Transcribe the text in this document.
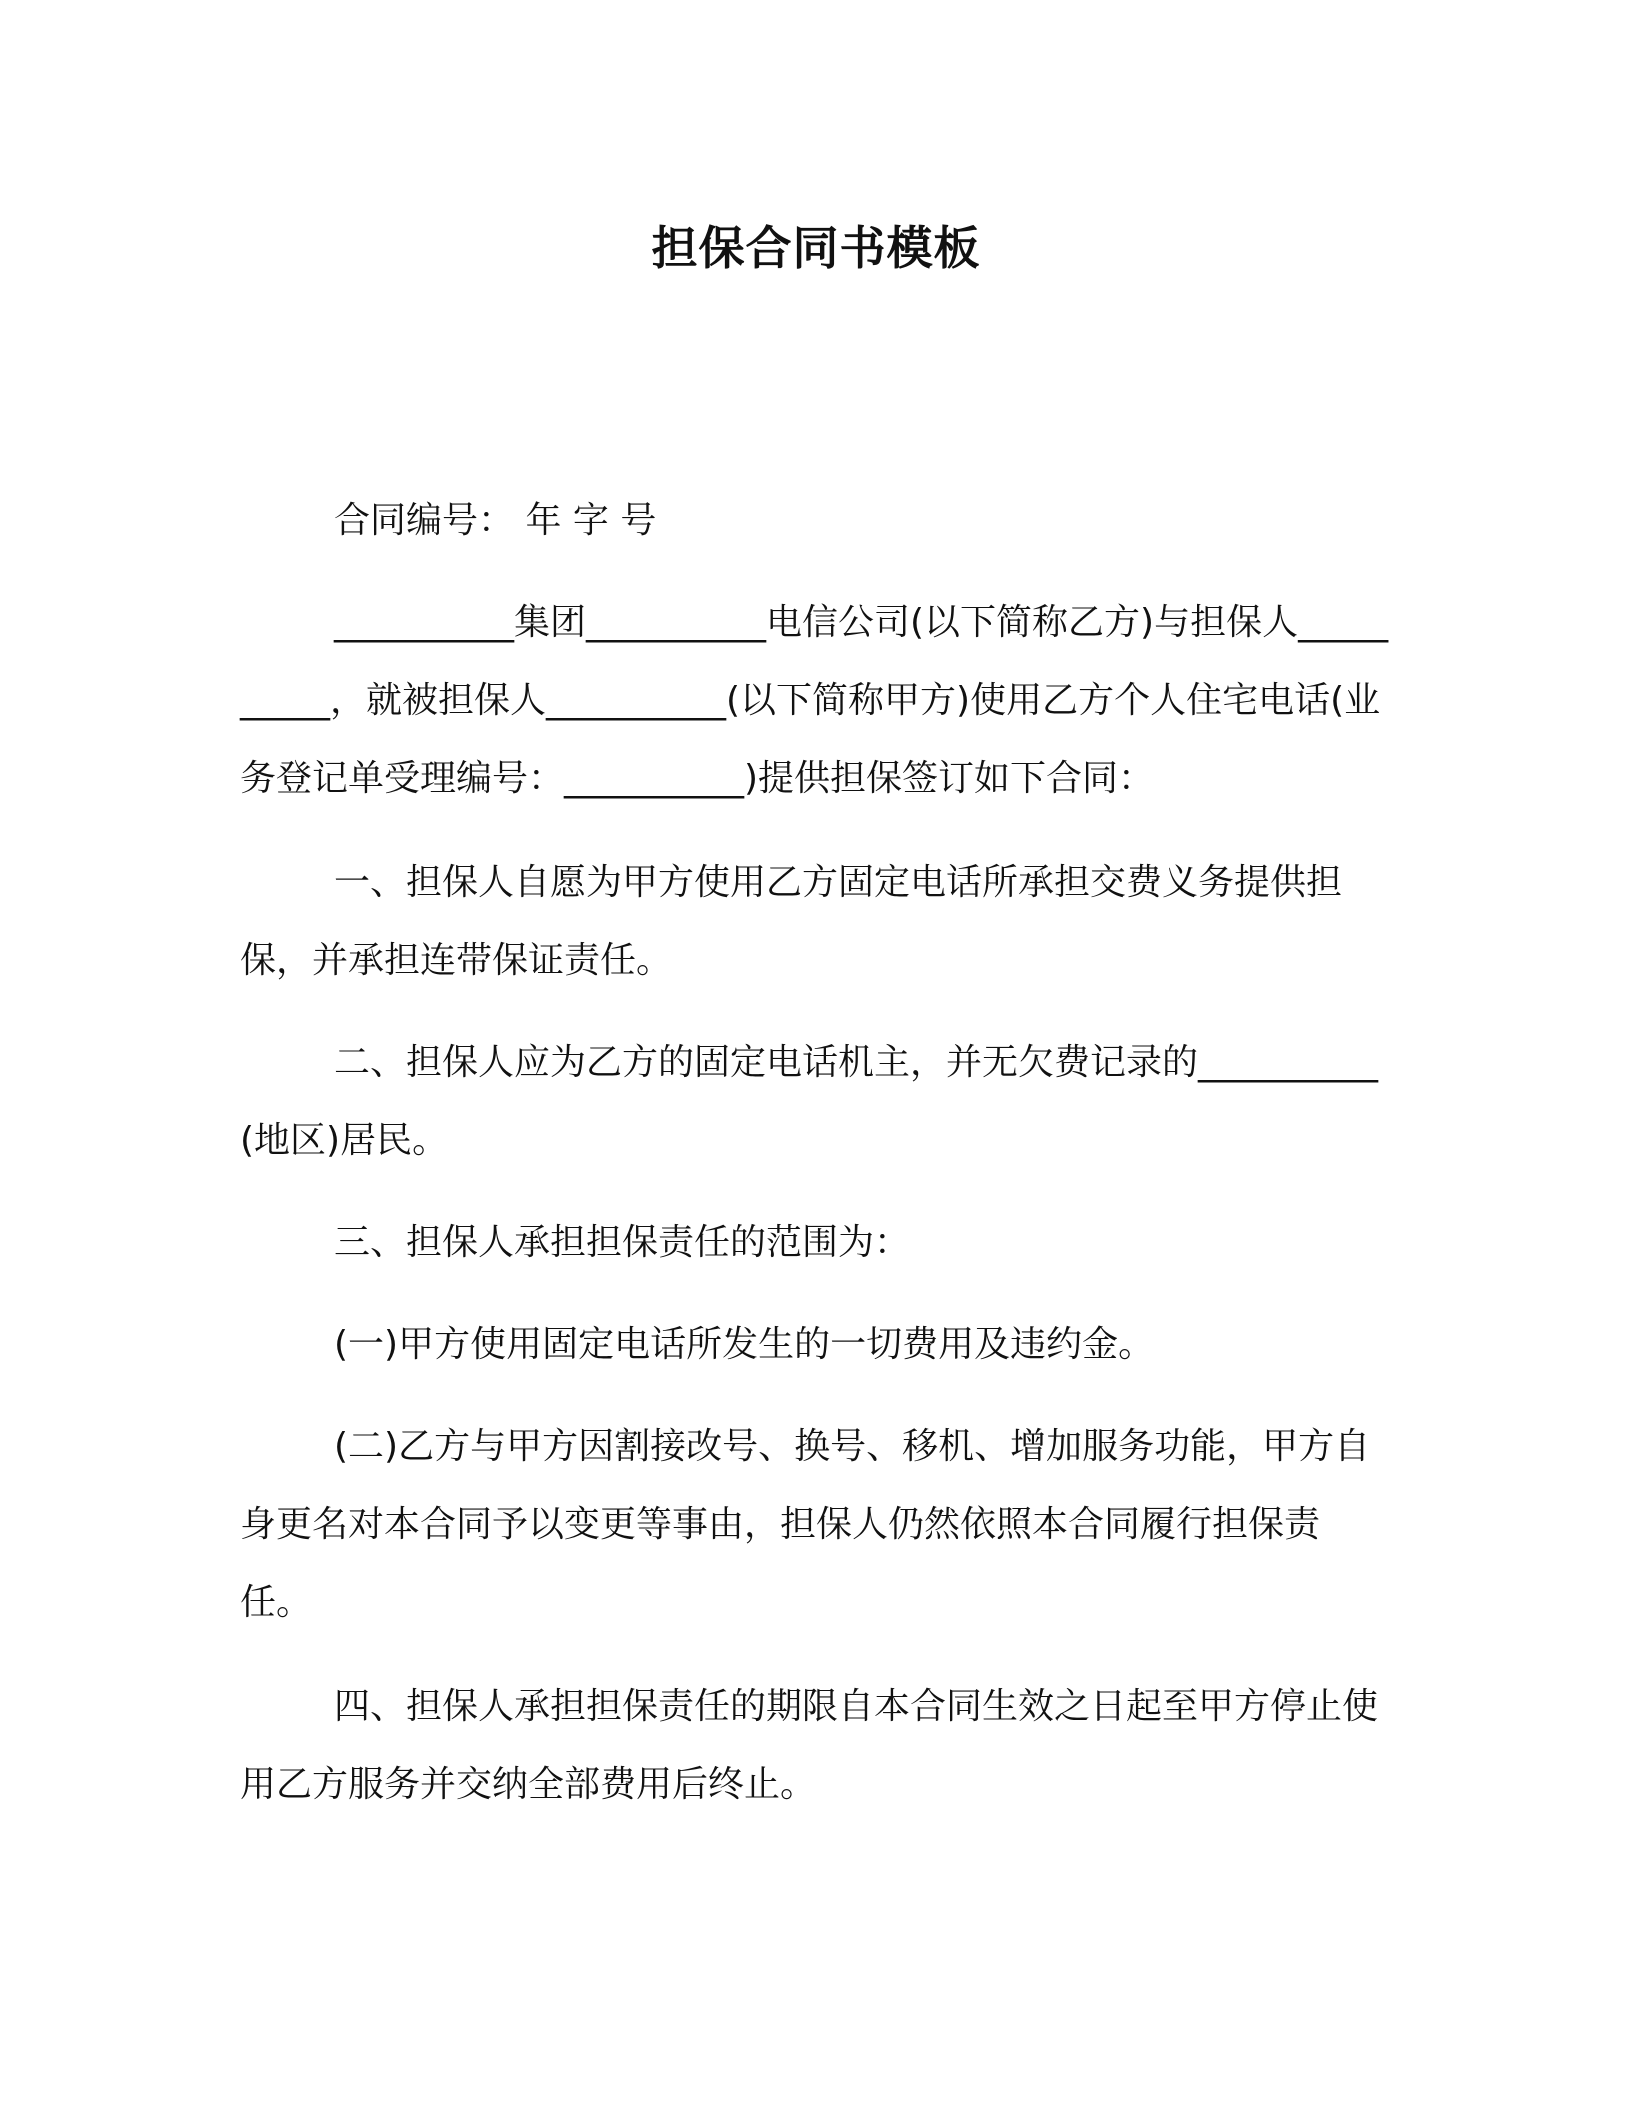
担保合同书模板

合同编号： 年 字 号

__________集团__________电信公司(以下简称乙方)与担保人__________，就被担保人__________(以下简称甲方)使用乙方个人住宅电话(业务登记单受理编号：__________)提供担保签订如下合同：

一、担保人自愿为甲方使用乙方固定电话所承担交费义务提供担保，并承担连带保证责任。

二、担保人应为乙方的固定电话机主，并无欠费记录的__________(地区)居民。

三、担保人承担担保责任的范围为：

(一)甲方使用固定电话所发生的一切费用及违约金。

(二)乙方与甲方因割接改号、换号、移机、增加服务功能，甲方自身更名对本合同予以变更等事由，担保人仍然依照本合同履行担保责任。

四、担保人承担担保责任的期限自本合同生效之日起至甲方停止使用乙方服务并交纳全部费用后终止。
